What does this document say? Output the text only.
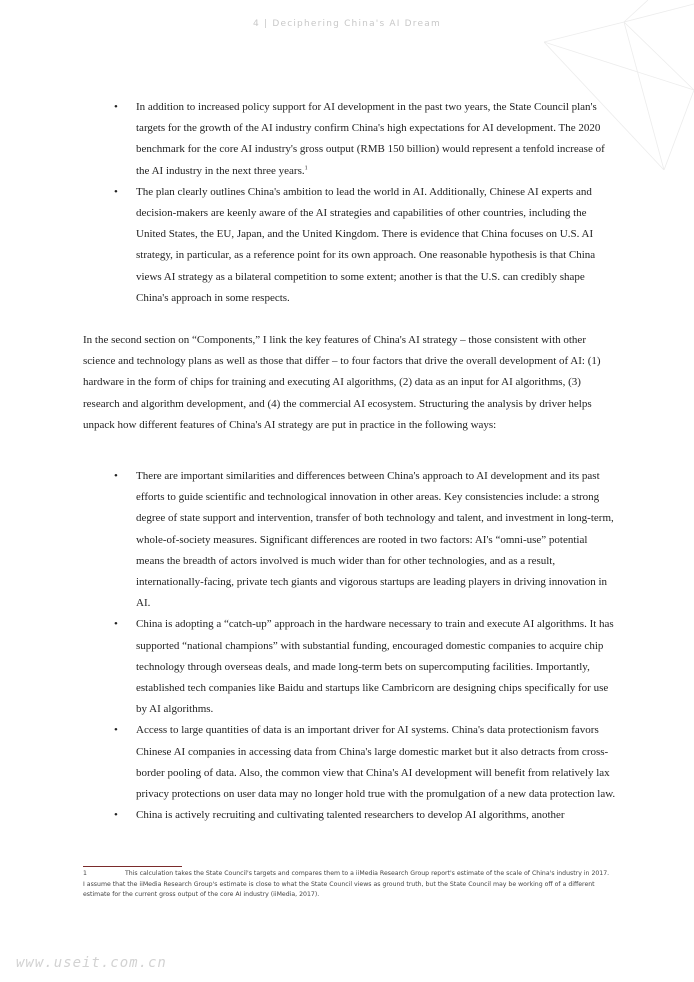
4 | Deciphering China's AI Dream
• In addition to increased policy support for AI development in the past two years, the State Council plan's targets for the growth of the AI industry confirm China's high expectations for AI development. The 2020 benchmark for the core AI industry's gross output (RMB 150 billion) would represent a tenfold increase of the AI industry in the next three years.$^1$
• The plan clearly outlines China's ambition to lead the world in AI. Additionally, Chinese AI experts and decision-makers are keenly aware of the AI strategies and capabilities of other countries, including the United States, the EU, Japan, and the United Kingdom. There is evidence that China focuses on U.S. AI strategy, in particular, as a reference point for its own approach. One reasonable hypothesis is that China views AI strategy as a bilateral competition to some extent; another is that the U.S. can credibly shape China's approach in some respects.

In the second section on “Components,” I link the key features of China's AI strategy – those consistent with other science and technology plans as well as those that differ – to four factors that drive the overall development of AI: (1) hardware in the form of chips for training and executing AI algorithms, (2) data as an input for AI algorithms, (3) research and algorithm development, and (4) the commercial AI ecosystem. Structuring the analysis by driver helps unpack how different features of China's AI strategy are put in practice in the following ways:

• There are important similarities and differences between China's approach to AI development and its past efforts to guide scientific and technological innovation in other areas. Key consistencies include: a strong degree of state support and intervention, transfer of both technology and talent, and investment in long-term, whole-of-society measures. Significant differences are rooted in two factors: AI's “omni-use” potential means the breadth of actors involved is much wider than for other technologies, and as a result, internationally-facing, private tech giants and vigorous startups are leading players in driving innovation in AI.
• China is adopting a “catch-up” approach in the hardware necessary to train and execute AI algorithms. It has supported “national champions” with substantial funding, encouraged domestic companies to acquire chip technology through overseas deals, and made long-term bets on supercomputing facilities. Importantly, established tech companies like Baidu and startups like Cambricorn are designing chips specifically for use by AI algorithms.
• Access to large quantities of data is an important driver for AI systems. China's data protectionism favors Chinese AI companies in accessing data from China's large domestic market but it also detracts from cross-border pooling of data. Also, the common view that China's AI development will benefit from relatively lax privacy protections on user data may no longer hold true with the promulgation of a new data protection law.
• China is actively recruiting and cultivating talented researchers to develop AI algorithms, another
1	This calculation takes the State Council's targets and compares them to a iiMedia Research Group report's estimate of the scale of China's industry in 2017. I assume that the iiMedia Research Group's estimate is close to what the State Council views as ground truth, but the State Council may be working off of a different estimate for the current gross output of the core AI industry (iiMedia, 2017).
www.useit.com.cn
